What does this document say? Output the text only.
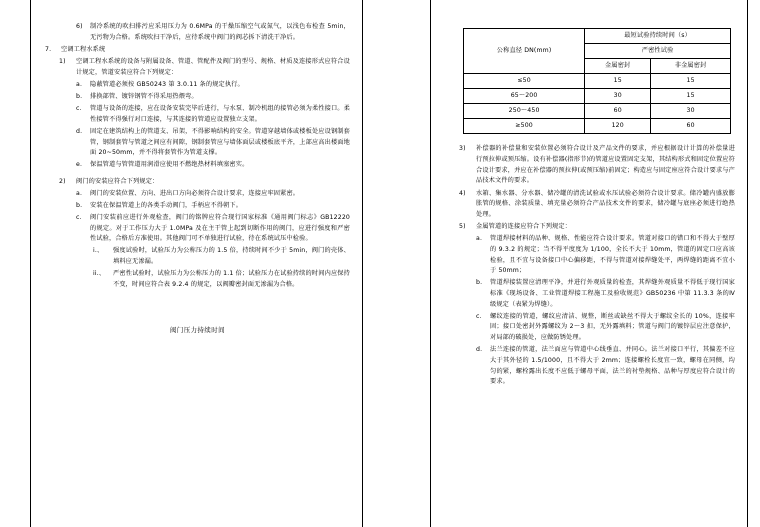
6)	制冷系统的吹扫排污应采用压力为 0.6MPa 的干燥压缩空气或氮气，以浅色布检查 5min，无污物为合格。系统吹扫干净后，应待系统中阀门的阀芯拆下清洗干净后。
7.	空调工程水系统
1)	空调工程水系统的设备与附属设备、管道、管配件及阀门的型号、规格、材质及连接形式应符合设计规定，管道安装应符合下列规定：
a.	隐蔽管道必须按 GB50243 第 3.0.11 条的规定执行。
b.	排换部管、镀锌钢管不得采用热煨弯。
c.	管道与设备的连接，应在设备安装完毕后进行，与水泵、制冷机组的接管必须为柔性接口。柔性接管不得强行对口连接，与其连接的管道应设置独立支架。
d.	固定在建筑结构上的管道支、吊架，不得影响结构的安全。管道穿越墙体或楼板处应设钢制套管，钢制套管与管道之间应有间隙，钢制套管应与墙体面层或楼板底平齐，上部应高出楼面地面 20~50mm，并不得将套管作为管道支撑。
e.	保温管道与管管道用润滑应使用不燃绝热材料填塞密实。
2)	阀门的安装应符合下列规定：
a.	阀门的安装位置、方向、进出口方向必须符合设计要求，连接应牢固紧密。
b.	安装在保温管道上的各类手动阀门，手柄应不得朝下。
c.	阀门安装前应进行外观检查，阀门的铭牌应符合现行国家标准《通用阀门标志》GB12220 的规定。对于工作压力大于 1.0MPa 及在主干管上起到切断作用的阀门，应进行强度和严密性试验，合格后方准使用。其他阀门可不单独进行试验，待在系统试压中检验。
i.、	强度试验时，试验压力为公称压力的 1.5 倍，持续时间不少于 5min，阀门的壳体、填料应无渗漏。
ii.、	严密性试验时，试验压力为公称压力的 1.1 倍；试验压力在试验持续的时间内应保持不变，时间应符合表 9.2.4 的规定，以阀瓣密封面无渗漏为合格。
阀门压力持续时间
公称直径 DN(mm)	最短试验持续时间（s）	
	严密性试验	
	金属密封	非金属密封
≤50	15	15
65～200	30	15
250～450	60	30
≥500	120	60
3)	补偿器的补偿量和安装位置必须符合设计及产品文件的要求，并应根据设计计算的补偿量进行预拉伸或预压缩。设有补偿器(指形节)的管道应设置固定支架，其结构形式和固定位置应符合设计要求，并应在补偿器的预拉伸(或预压缩)前固定；构造应与固定座应符合设计要求与产品技术文件的要求。
4)	水箱、集水器、分水器、储冷罐的清洗试验或水压试验必须符合设计要求。储冷罐内盛放膨胀管的规格、涂装质量、填充量必须符合产品技术文件的要求，储冷罐与底座必须进行绝热处理。
5)	金属管道的连接应符合下列规定：
a.	管道焊接材料的品种、规格、性能应符合设计要求。管道对接口的错口和不得大于壁厚的 9.3.2 的规定；当不得平度度为 1/100，全长不大于 10mm，管道的固定口应高该检验，且不宜与设备接口中心偏移距，不得与管道对接焊缝处平，两焊缝的距离不宜小于 50mm；
b.	管道焊接装置应清理平净，并进行外观质量的检查，其焊缝外观质量不得低于现行国家标准《现场设备、工业管道焊接工程施工及验收规范》GB50236 中第 11.3.3 条的Ⅳ级规定（表紧为焊缝）。
c.	螺纹连接的管道，螺纹应清洁、规整，断丝或缺丝不得大于螺纹全长的 10%，连接牢固；接口处密封外露螺纹为 2～3 扣，无外露填料；管道与阀门的镀锌层应注意保护，对局部的破损处，应做防锈处理。
d.	法兰连接的管道，法兰面应与管道中心线垂直、并同心。法兰对接口平行，其偏差不应大于其外径的 1.5/1000，且不得大于 2mm；连接螺栓长度宜一致，螺母在同侧，均匀的紧，螺栓露出长度不应低于螺母平面，法兰的衬垫规格、品种与厚度应符合设计的要求。
